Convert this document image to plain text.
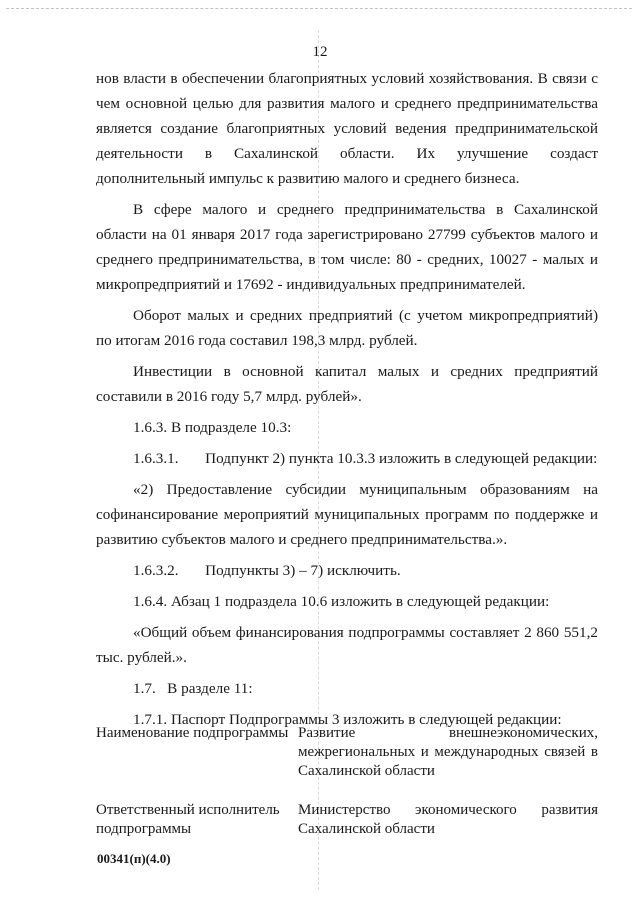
12

нов власти в обеспечении благоприятных условий хозяйствования. В связи с чем основной целью для развития малого и среднего предпринимательства является создание благоприятных условий ведения предпринимательской деятельности в Сахалинской области. Их улучшение создаст дополнительный импульс к развитию малого и среднего бизнеса.

В сфере малого и среднего предпринимательства в Сахалинской области на 01 января 2017 года зарегистрировано 27799 субъектов малого и среднего предпринимательства, в том числе: 80 - средних, 10027 - малых и микропредприятий и 17692 - индивидуальных предпринимателей.

Оборот малых и средних предприятий (с учетом микропредприятий) по итогам 2016 года составил 198,3 млрд. рублей.

Инвестиции в основной капитал малых и средних предприятий составили в 2016 году 5,7 млрд. рублей».

1.6.3. В подразделе 10.3:

1.6.3.1.       Подпункт 2) пункта 10.3.3 изложить в следующей редакции:

«2) Предоставление субсидии муниципальным образованиям на софинансирование мероприятий муниципальных программ по поддержке и развитию субъектов малого и среднего предпринимательства.».

1.6.3.2.       Подпункты 3) – 7) исключить.

1.6.4. Абзац 1 подраздела 10.6 изложить в следующей редакции:

«Общий объем финансирования подпрограммы составляет 2 860 551,2 тыс. рублей.».

1.7.   В разделе 11:

1.7.1. Паспорт Подпрограммы 3 изложить в следующей редакции:

Наименование подпрограммы Развитие внешнеэкономических, межрегиональных и международных связей в Сахалинской области
Ответственный исполнитель подпрограммы
Министерство экономического развития Сахалинской области
00341(п)(4.0)
